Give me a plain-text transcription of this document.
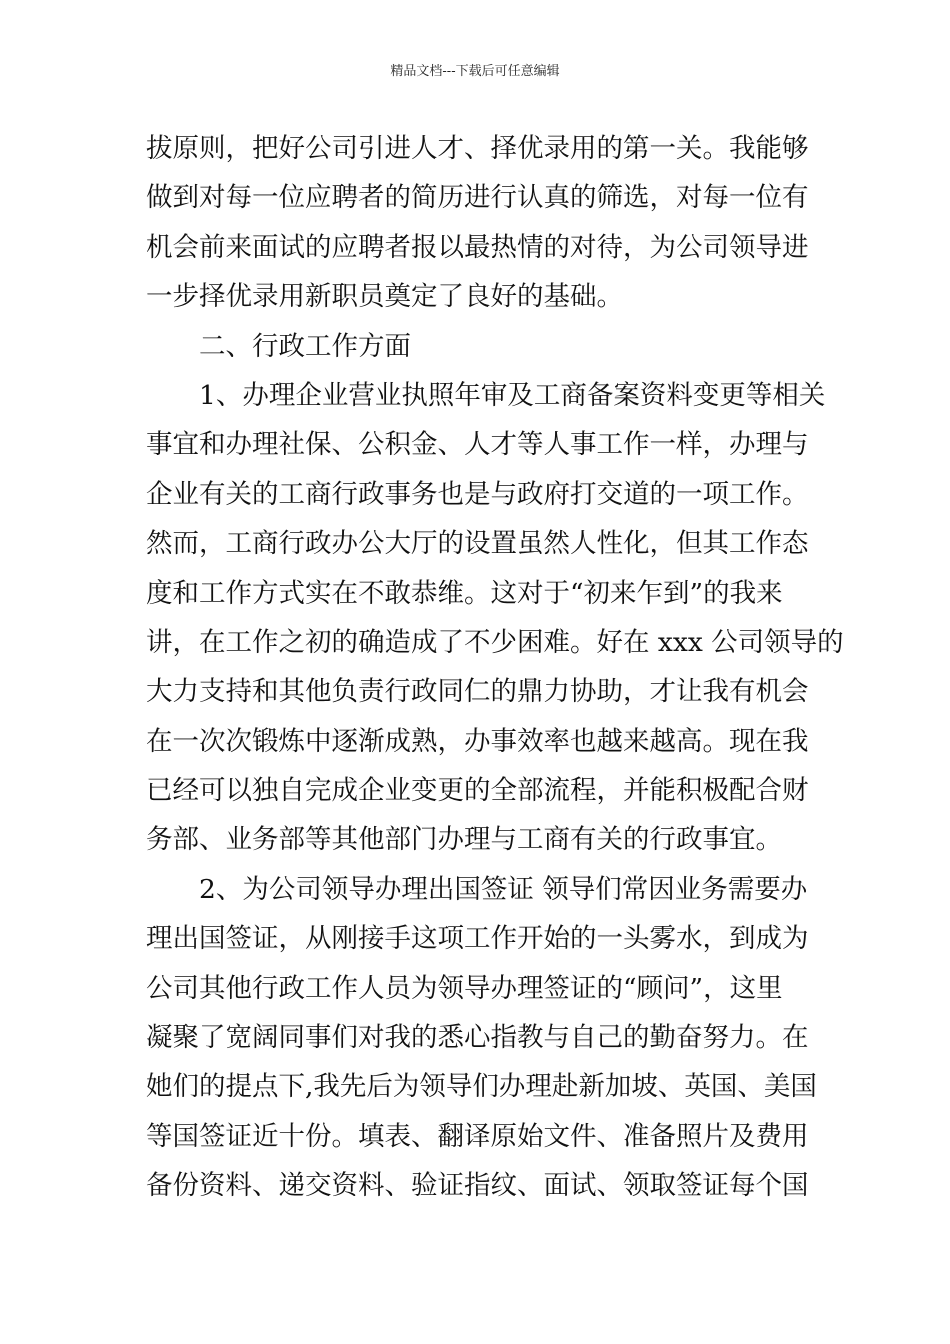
精品文档---下载后可任意编辑
拔原则，把好公司引进人才、择优录用的第一关。我能够
做到对每一位应聘者的简历进行认真的筛选，对每一位有
机会前来面试的应聘者报以最热情的对待，为公司领导进
一步择优录用新职员奠定了良好的基础。
二、行政工作方面
1、办理企业营业执照年审及工商备案资料变更等相关
事宜和办理社保、公积金、人才等人事工作一样，办理与
企业有关的工商行政事务也是与政府打交道的一项工作。
然而，工商行政办公大厅的设置虽然人性化，但其工作态
度和工作方式实在不敢恭维。这对于“初来乍到”的我来
讲，在工作之初的确造成了不少困难。好在 xxx 公司领导的
大力支持和其他负责行政同仁的鼎力协助，才让我有机会
在一次次锻炼中逐渐成熟，办事效率也越来越高。现在我
已经可以独自完成企业变更的全部流程，并能积极配合财
务部、业务部等其他部门办理与工商有关的行政事宜。
2、为公司领导办理出国签证 领导们常因业务需要办
理出国签证，从刚接手这项工作开始的一头雾水，到成为
公司其他行政工作人员为领导办理签证的“顾问”，这里
凝聚了宽阔同事们对我的悉心指教与自己的勤奋努力。在
她们的提点下,我先后为领导们办理赴新加坡、英国、美国
等国签证近十份。填表、翻译原始文件、准备照片及费用
备份资料、递交资料、验证指纹、面试、领取签证每个国
